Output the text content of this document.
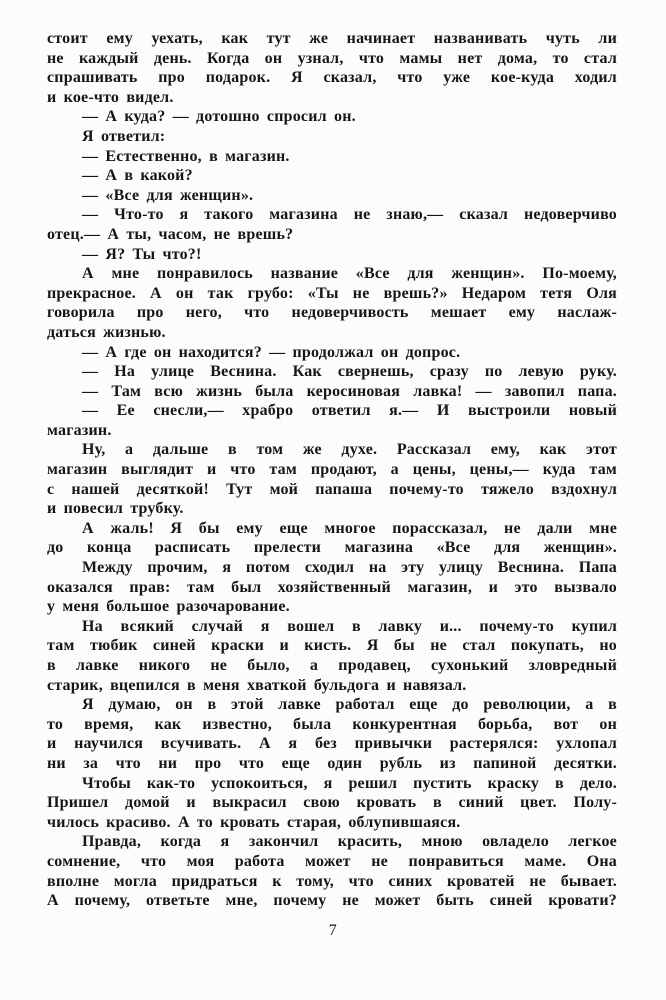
стоит ему уехать, как тут же начинает названивать чуть ли
не каждый день. Когда он узнал, что мамы нет дома, то стал
спрашивать про подарок. Я сказал, что уже кое-куда ходил
и кое-что видел.
— А куда? — дотошно спросил он.
Я ответил:
— Естественно, в магазин.
— А в какой?
— «Все для женщин».
— Что-то я такого магазина не знаю,— сказал недоверчиво
отец.— А ты, часом, не врешь?
— Я? Ты что?!
А мне понравилось название «Все для женщин». По-моему,
прекрасное. А он так грубо: «Ты не врешь?» Недаром тетя Оля
говорила про него, что недоверчивость мешает ему наслаж-
даться жизнью.
— А где он находится? — продолжал он допрос.
— На улице Веснина. Как свернешь, сразу по левую руку.
— Там всю жизнь была керосиновая лавка! — завопил папа.
— Ее снесли,— храбро ответил я.— И выстроили новый
магазин.
Ну, а дальше в том же духе. Рассказал ему, как этот
магазин выглядит и что там продают, а цены, цены,— куда там
с нашей десяткой! Тут мой папаша почему-то тяжело вздохнул
и повесил трубку.
А жаль! Я бы ему еще многое порассказал, не дали мне
до конца расписать прелести магазина «Все для женщин».
Между прочим, я потом сходил на эту улицу Веснина. Папа
оказался прав: там был хозяйственный магазин, и это вызвало
у меня большое разочарование.
На всякий случай я вошел в лавку и... почему-то купил
там тюбик синей краски и кисть. Я бы не стал покупать, но
в лавке никого не было, а продавец, сухонький зловредный
старик, вцепился в меня хваткой бульдога и навязал.
Я думаю, он в этой лавке работал еще до революции, а в
то время, как известно, была конкурентная борьба, вот он
и научился всучивать. А я без привычки растерялся: ухлопал
ни за что ни про что еще один рубль из папиной десятки.
Чтобы как-то успокоиться, я решил пустить краску в дело.
Пришел домой и выкрасил свою кровать в синий цвет. Полу-
чилось красиво. А то кровать старая, облупившаяся.
Правда, когда я закончил красить, мною овладело легкое
сомнение, что моя работа может не понравиться маме. Она
вполне могла придраться к тому, что синих кроватей не бывает.
А почему, ответьте мне, почему не может быть синей кровати?
7
